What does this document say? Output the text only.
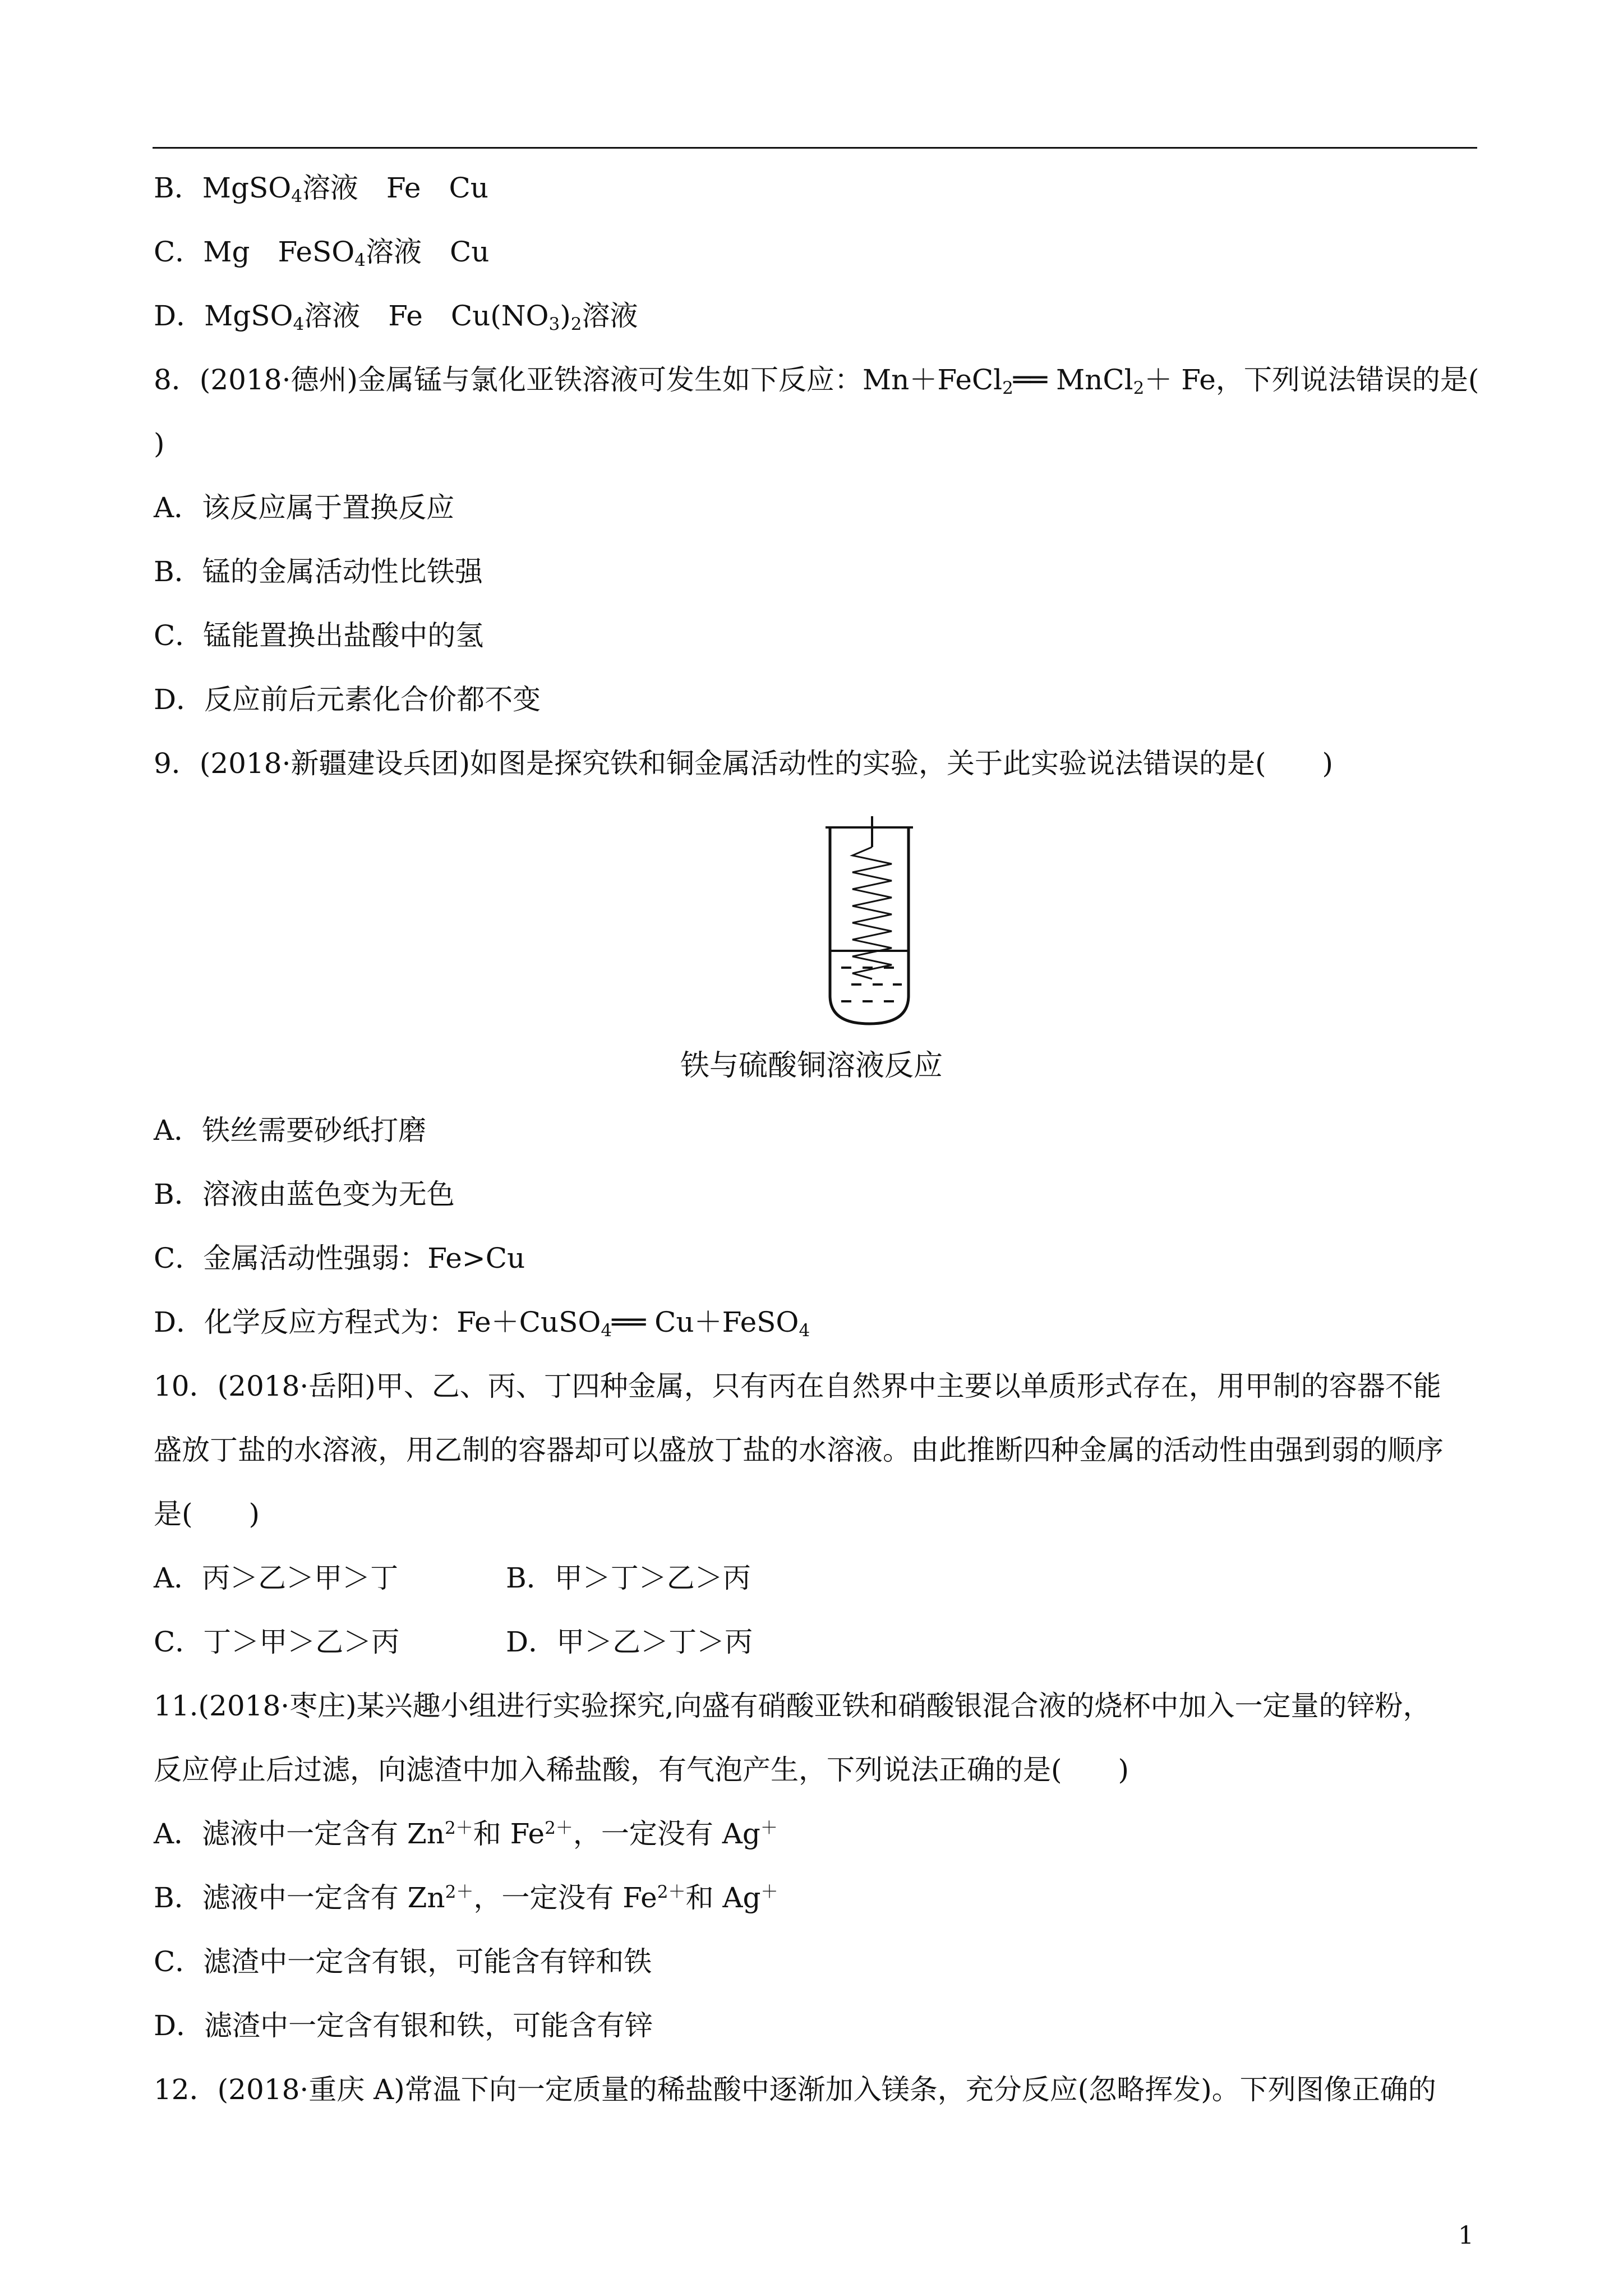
B．MgSO$_4$溶液　Fe　Cu
C．Mg　FeSO$_4$溶液　Cu
D．MgSO$_4$溶液　Fe　$Cu(NO_3)_2$溶液
8．(2018·德州)金属锰与氯化亚铁溶液可发生如下反应：Mn＋FeCl$_2$══ MnCl$_2$＋ Fe，下列说法错误的是(
)
A．该反应属于置换反应
B．锰的金属活动性比铁强
C．锰能置换出盐酸中的氢
D．反应前后元素化合价都不变
9．(2018·新疆建设兵团)如图是探究铁和铜金属活动性的实验，关于此实验说法错误的是(　　)
铁与硫酸铜溶液反应
A．铁丝需要砂纸打磨
B．溶液由蓝色变为无色
C．金属活动性强弱：Fe>Cu
D．化学反应方程式为：Fe＋CuSO$_4$══ Cu＋FeSO$_4$
10．(2018·岳阳)甲、乙、丙、丁四种金属，只有丙在自然界中主要以单质形式存在，用甲制的容器不能
盛放丁盐的水溶液，用乙制的容器却可以盛放丁盐的水溶液。由此推断四种金属的活动性由强到弱的顺序
是(　　)
A．丙＞乙＞甲＞丁	B．甲＞丁＞乙＞丙
C．丁＞甲＞乙＞丙	D．甲＞乙＞丁＞丙
11.(2018·枣庄)某兴趣小组进行实验探究,向盛有硝酸亚铁和硝酸银混合液的烧杯中加入一定量的锌粉，
反应停止后过滤，向滤渣中加入稀盐酸，有气泡产生，下列说法正确的是(　　)
A．滤液中一定含有 $Zn^{2+}$和 $Fe^{2+}$，一定没有 Ag＋
B．滤液中一定含有 $Zn^{2+}$，一定没有 $Fe^{2+}$和 Ag＋
C．滤渣中一定含有银，可能含有锌和铁
D．滤渣中一定含有银和铁，可能含有锌
12．(2018·重庆 A)常温下向一定质量的稀盐酸中逐渐加入镁条，充分反应(忽略挥发)。下列图像正确的
1
